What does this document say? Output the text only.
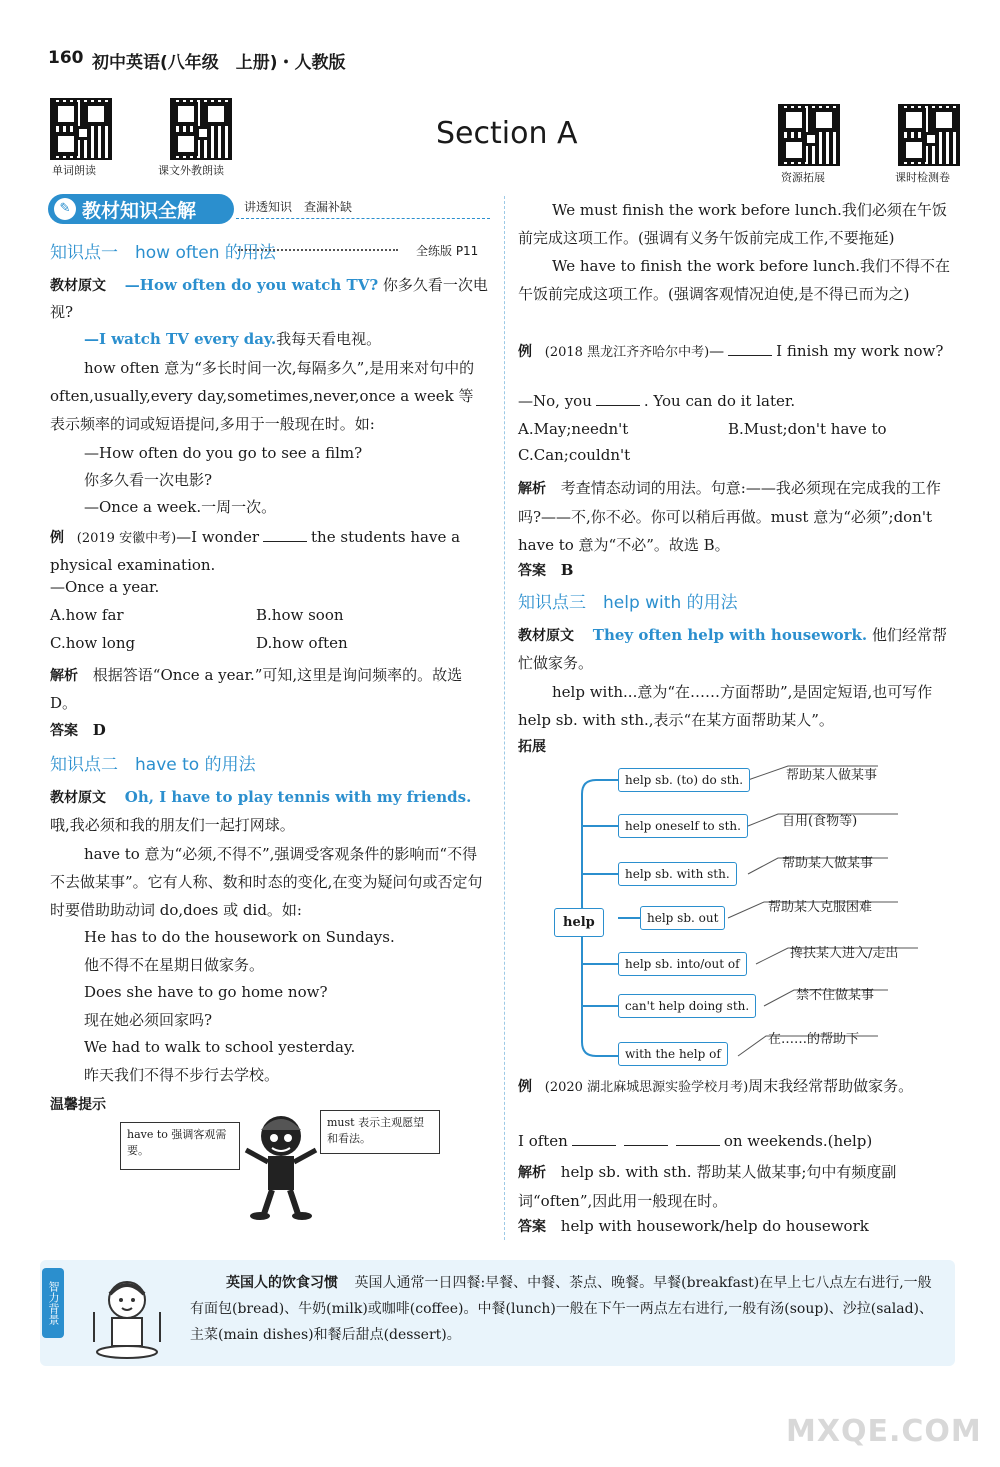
160 初中英语(八年级　上册)・人教版
单词朗读	课文外教朗读
Section A
资源拓展	课时检测卷
✎ 教材知识全解	讲透知识　查漏补缺
知识点一　how often 的用法	全练版 P11
教材原文 —How often do you watch TV? 你多久看一次电视?
—I watch TV every day.我每天看电视。
how often 意为“多长时间一次,每隔多久”,是用来对句中的 often,usually,every day,sometimes,never,once a week 等表示频率的词或短语提问,多用于一般现在时。如:
—How often do you go to see a film?
你多久看一次电影?
—Once a week.一周一次。
例 (2019 安徽中考)—I wonder	the students have a physical examination.
—Once a year.
A.how far	B.how soon
C.how long	D.how often
解析 根据答语“Once a year.”可知,这里是询问频率的。故选 D。
答案 D
知识点二　have to 的用法
教材原文 Oh, I have to play tennis with my friends. 哦,我必须和我的朋友们一起打网球。
have to 意为“必须,不得不”,强调受客观条件的影响而“不得不去做某事”。它有人称、数和时态的变化,在变为疑问句或否定句时要借助助动词 do,does 或 did。如:
He has to do the housework on Sundays.
他不得不在星期日做家务。
Does she have to go home now?
现在她必须回家吗?
We had to walk to school yesterday.
昨天我们不得不步行去学校。
温馨提示
have to 强调客观需要。
must 表示主观愿望和看法。
We must finish the work before lunch.我们必须在午饭前完成这项工作。(强调有义务午饭前完成工作,不要拖延)
We have to finish the work before lunch.我们不得不在午饭前完成这项工作。(强调客观情况迫使,是不得已而为之)
例 (2018 黑龙江齐齐哈尔中考)—	I finish my work now?
—No, you	. You can do it later.
A.May;needn't	B.Must;don't have to
C.Can;couldn't
解析 考查情态动词的用法。句意:——我必须现在完成我的工作吗?——不,你不必。你可以稍后再做。must 意为“必须”;don't have to 意为“不必”。故选 B。
答案 B
知识点三　help with 的用法
教材原文 They often help with housework. 他们经常帮忙做家务。
help with...意为“在……方面帮助”,是固定短语,也可写作 help sb. with sth.,表示“在某方面帮助某人”。
拓展
help
help sb. (to) do sth.	帮助某人做某事
help oneself to sth.	自用(食物等)
help sb. with sth.
帮助某人做某事
help sb. out
帮助某人克服困难
help sb. into/out of
搀扶某人进入/走出
can't help doing sth.
禁不住做某事
with the help of
在……的帮助下
例 (2020 湖北麻城思源实验学校月考)周末我经常帮助做家务。
I often	on weekends.(help)
解析 help sb. with sth. 帮助某人做某事;句中有频度副词“often”,因此用一般现在时。
答案 help with housework/help do housework
智力背景	英国人的饮食习惯 英国人通常一日四餐:早餐、中餐、茶点、晚餐。早餐(breakfast)在早上七八点左右进行,一般有面包(bread)、牛奶(milk)或咖啡(coffee)。中餐(lunch)一般在下午一两点左右进行,一般有汤(soup)、沙拉(salad)、主菜(main dishes)和餐后甜点(dessert)。
MXQE.COM
